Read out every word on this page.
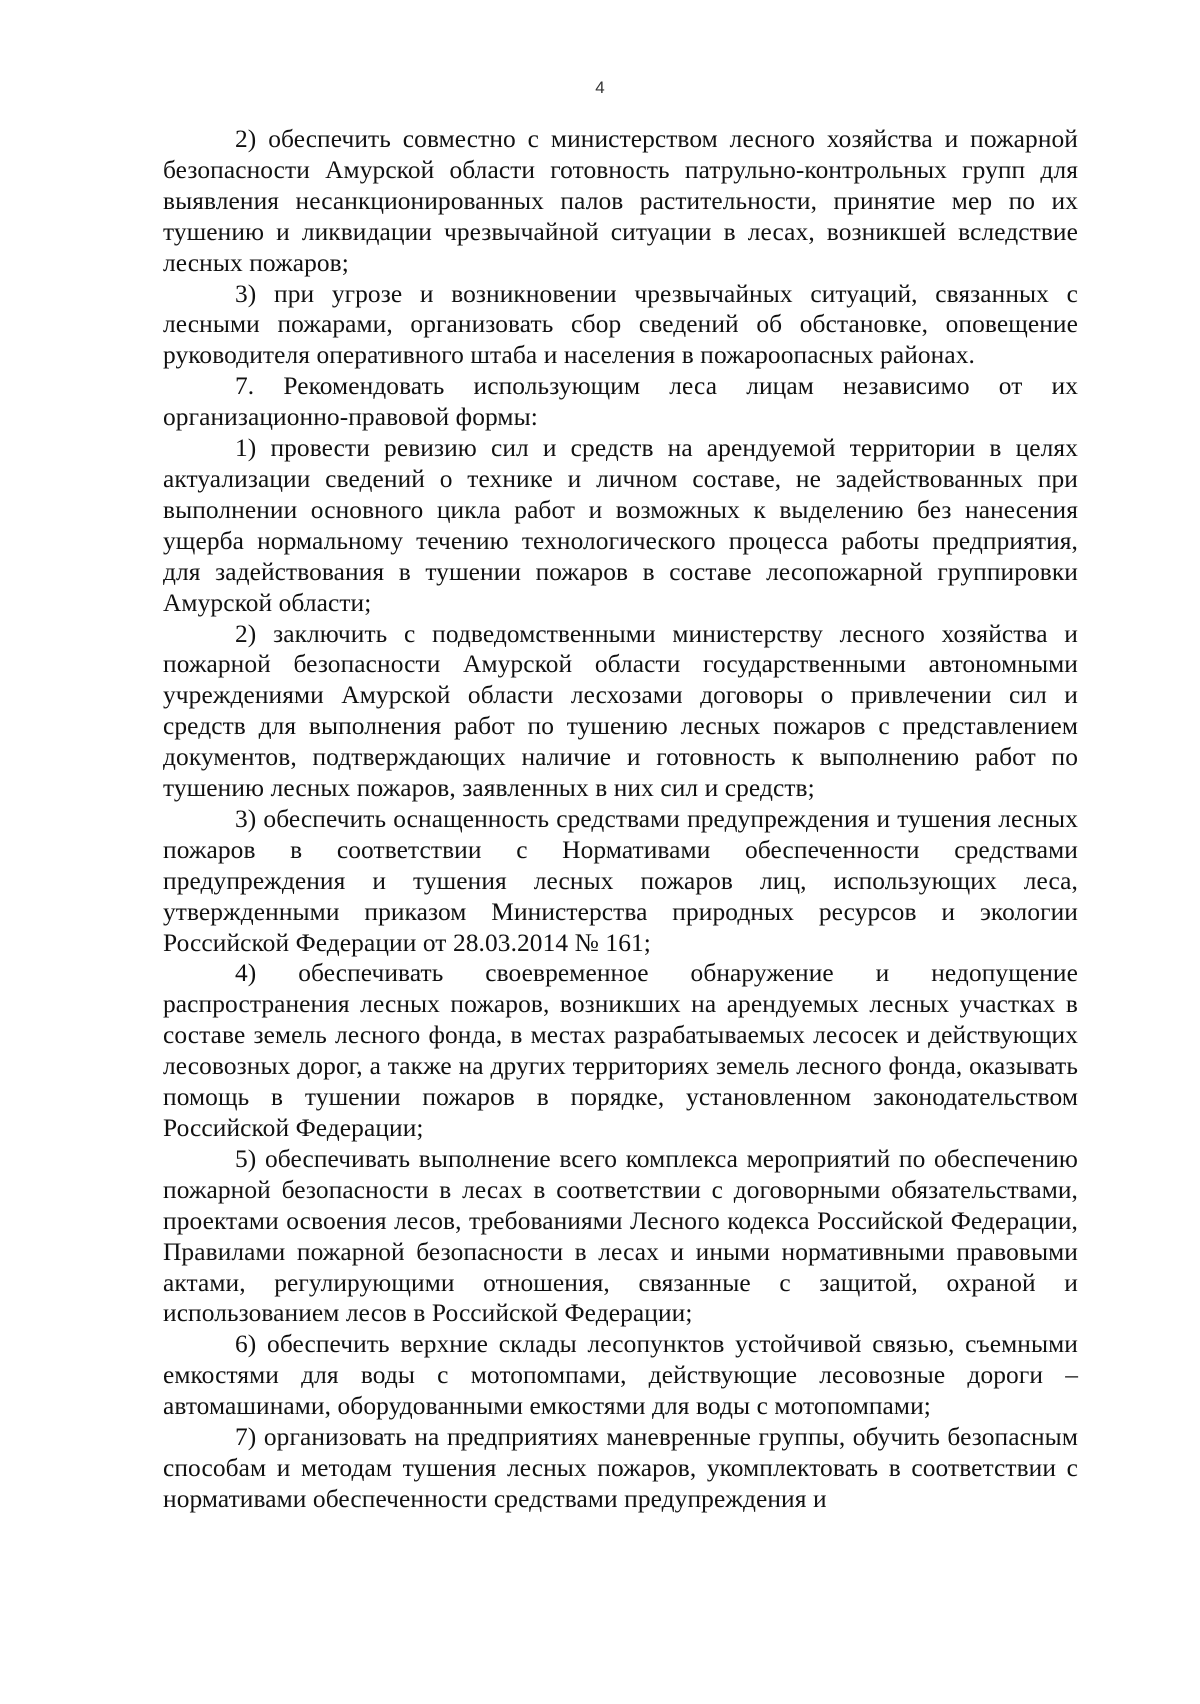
4

2) обеспечить совместно с министерством лесного хозяйства и пожарной безопасности Амурской области готовность патрульно-контрольных групп для выявления несанкционированных палов растительности, принятие мер по их тушению и ликвидации чрезвычайной ситуации в лесах, возникшей вследствие лесных пожаров;

3) при угрозе и возникновении чрезвычайных ситуаций, связанных с лесными пожарами, организовать сбор сведений об обстановке, оповещение руководителя оперативного штаба и населения в пожароопасных районах.

7. Рекомендовать использующим леса лицам независимо от их организационно-правовой формы:

1) провести ревизию сил и средств на арендуемой территории в целях актуализации сведений о технике и личном составе, не задействованных при выполнении основного цикла работ и возможных к выделению без нанесения ущерба нормальному течению технологического процесса работы предприятия, для задействования в тушении пожаров в составе лесопожарной группировки Амурской области;

2) заключить с подведомственными министерству лесного хозяйства и пожарной безопасности Амурской области государственными автономными учреждениями Амурской области лесхозами договоры о привлечении сил и средств для выполнения работ по тушению лесных пожаров с представлением документов, подтверждающих наличие и готовность к выполнению работ по тушению лесных пожаров, заявленных в них сил и средств;

3) обеспечить оснащенность средствами предупреждения и тушения лесных пожаров в соответствии с Нормативами обеспеченности средствами предупреждения и тушения лесных пожаров лиц, использующих леса, утвержденными приказом Министерства природных ресурсов и экологии Российской Федерации от 28.03.2014 № 161;

4) обеспечивать своевременное обнаружение и недопущение распространения лесных пожаров, возникших на арендуемых лесных участках в составе земель лесного фонда, в местах разрабатываемых лесосек и действующих лесовозных дорог, а также на других территориях земель лесного фонда, оказывать помощь в тушении пожаров в порядке, установленном законодательством Российской Федерации;

5) обеспечивать выполнение всего комплекса мероприятий по обеспечению пожарной безопасности в лесах в соответствии с договорными обязательствами, проектами освоения лесов, требованиями Лесного кодекса Российской Федерации, Правилами пожарной безопасности в лесах и иными нормативными правовыми актами, регулирующими отношения, связанные с защитой, охраной и использованием лесов в Российской Федерации;

6) обеспечить верхние склады лесопунктов устойчивой связью, съемными емкостями для воды с мотопомпами, действующие лесовозные дороги – автомашинами, оборудованными емкостями для воды с мотопомпами;

7) организовать на предприятиях маневренные группы, обучить безопасным способам и методам тушения лесных пожаров, укомплектовать в соответствии с нормативами обеспеченности средствами предупреждения и
